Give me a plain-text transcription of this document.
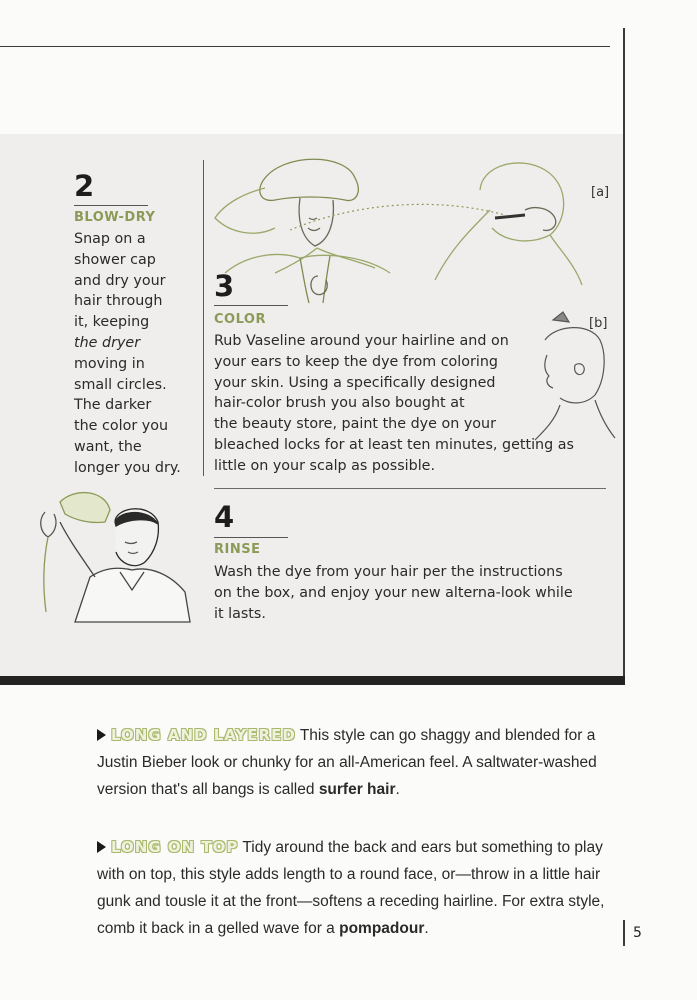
2
BLOW-DRY

Snap on a
shower cap
and dry your
hair through
it, keeping
the dryer
moving in
small circles.
The darker
the color you
want, the
longer you dry.

3
COLOR

Rub Vaseline around your hairline and on
your ears to keep the dye from coloring
your skin. Using a specifically designed
hair-color brush you also bought at
the beauty store, paint the dye on your
bleached locks for at least ten minutes, getting as
little on your scalp as possible.

4
RINSE

Wash the dye from your hair per the instructions
on the box, and enjoy your new alterna-look while
it lasts.

[a]
[b]

LONG AND LAYERED This style can go shaggy and blended for a Justin Bieber look or chunky for an all-American feel. A saltwater-washed version that's all bangs is called surfer hair.

LONG ON TOP Tidy around the back and ears but something to play with on top, this style adds length to a round face, or—throw in a little hair gunk and tousle it at the front—softens a receding hairline. For extra style, comb it back in a gelled wave for a pompadour.	5
